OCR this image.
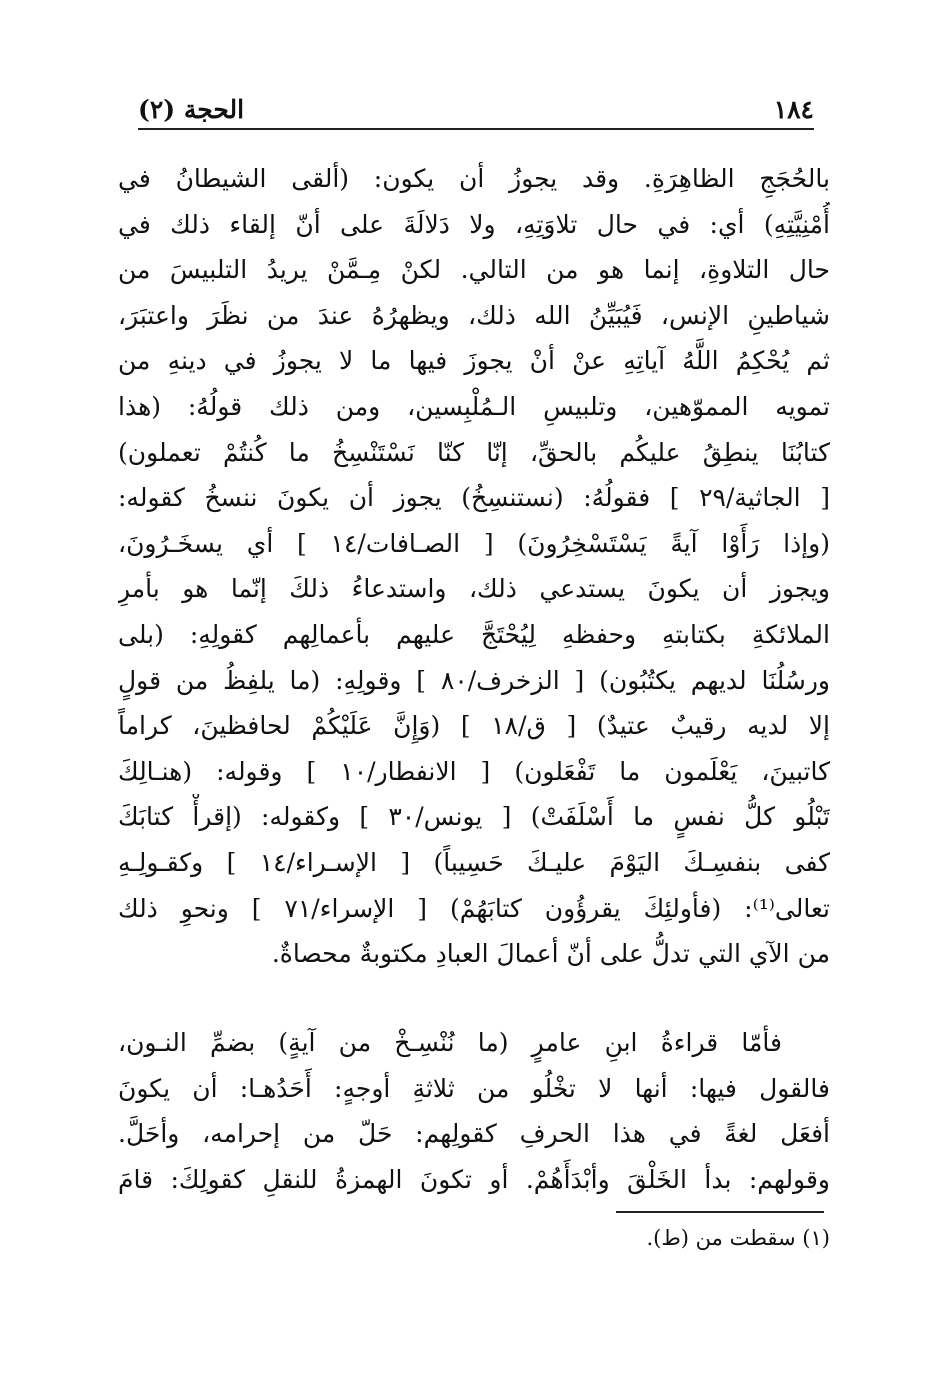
١٨٤
الحجة (٢)
بالحُجَجِ الظاهِرَةِ. وقد يجوزُ أن يكون: (ألقى الشيطانُ في
أُمْنِيَّتِهِ) أي: في حال تلاوَتِهِ، ولا دَلالَةَ على أنّ إلقاء ذلك في
حال التلاوةِ، إنما هو من التالي. لكنْ مِـمَّنْ يريدُ التلبيسَ من
شياطينِ الإنس، فَيُبَيِّنُ الله ذلك، ويظهرُهُ عندَ من نظَرَ واعتبَرَ،
ثم يُحْكِمُ اللَّهُ آياتِهِ عنْ أنْ يجوزَ فيها ما لا يجوزُ في دينهِ من
تمويه المموّهين، وتلبيسِ الـمُلْبِسين، ومن ذلك قولُهُ: (هذا
كتابُنَا ينطِقُ عليكُم بالحقِّ، إنّا كنّا نَسْتَنْسِخُ ما كُنتُمْ تعملون)
[ الجاثية/٢٩ ] فقولُهُ: (نستنسِخُ) يجوز أن يكونَ ننسخُ كقوله:
(وإذا رَأَوْا آيةً يَسْتَسْخِرُونَ) [ الصـافات/١٤ ] أي يسخَـرُونَ،
ويجوز أن يكونَ يستدعي ذلك، واستدعاءُ ذلكَ إنّما هو بأمرِ
الملائكةِ بكتابتهِ وحفظهِ لِيُحْتَجَّ عليهم بأعمالِهم كقولِهِ: (بلى
ورسُلُنَا لديهم يكتُبُون) [ الزخرف/٨٠ ] وقولِهِ: (ما يلفِظُ من قولٍ
إلا لديه رقيبٌ عتيدٌ) [ ق/١٨ ] (وَإِنَّ عَلَيْكُمْ لحافظينَ، كراماً
كاتبينَ، يَعْلَمون ما تَفْعَلون) [ الانفطار/١٠ ] وقوله: (هنـالِكَ
تَبْلُو كلُّ نفسٍ ما أَسْلَفَتْ) [ يونس/٣٠ ] وكقوله: (إقرأْ كتابَكَ
كفى بنفسِـكَ اليَوْمَ عليـكَ حَسِيباً) [ الإسـراء/١٤ ] وكقـولِـهِ
تعالى⁽¹⁾: (فأولئِكَ يقرؤُون كتابَهُمْ) [ الإسراء/٧١ ] ونحوِ ذلك
من الآي التي تدلُّ على أنّ أعمالَ العبادِ مكتوبةٌ محصاةٌ.
فأمّا قراءةُ ابنِ عامرٍ (ما نُنْسِـخْ من آيةٍ) بضمِّ النـون،
فالقول فيها: أنها لا تخْلُو من ثلاثةِ أوجهٍ: أَحَدُهـا: أن يكونَ
أفعَل لغةً في هذا الحرفِ كقولِهم: حَلّ من إحرامه، وأحَلَّ.
وقولهم: بدأ الخَلْقَ وأبْدَأَهُمْ. أو تكونَ الهمزةُ للنقلِ كقولِكَ: قامَ
(١) سقطت من (ط).
